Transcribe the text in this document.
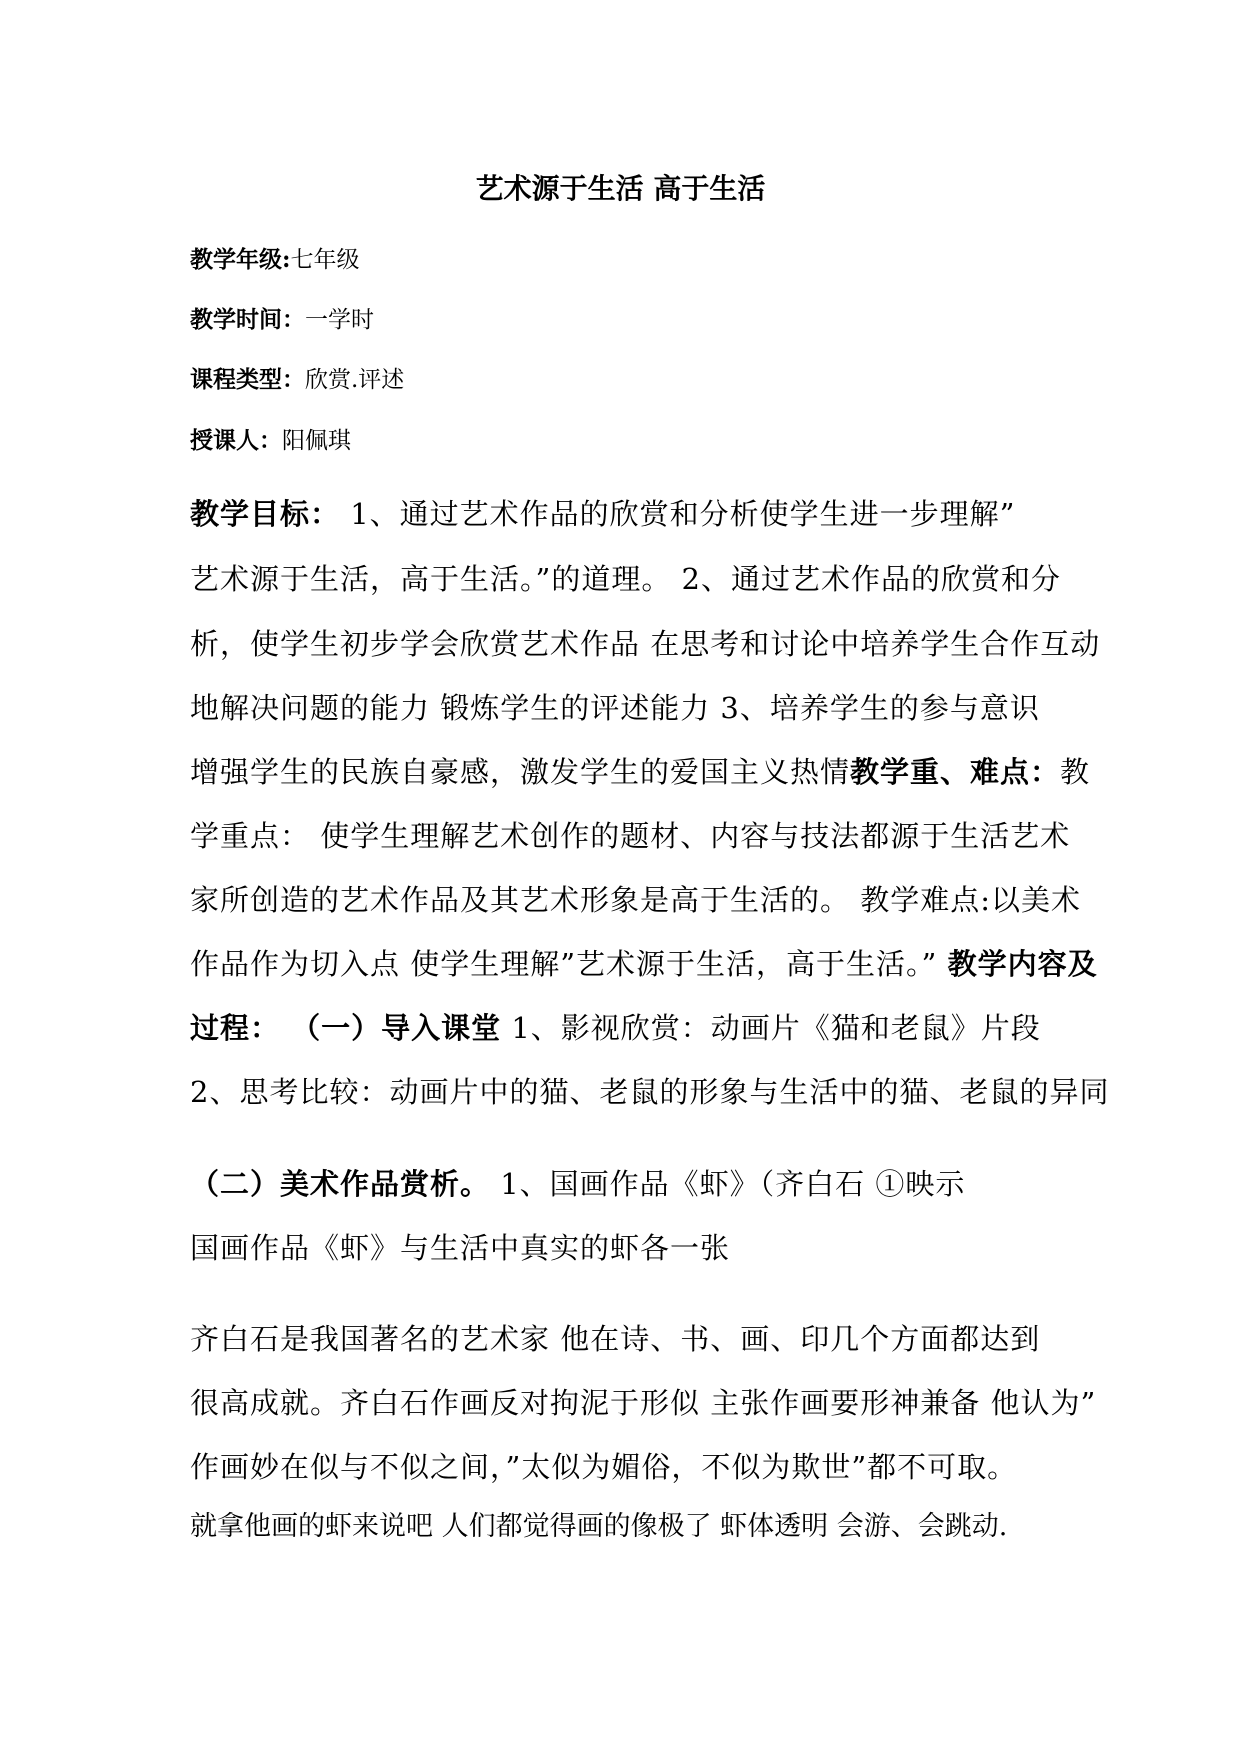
艺术源于生活 高于生活
教学年级:七年级
教学时间：一学时
课程类型：欣赏.评述
授课人：阳佩琪
教学目标： 1、通过艺术作品的欣赏和分析使学生进一步理解”
艺术源于生活，高于生活。”的道理。 2、通过艺术作品的欣赏和分
析，使学生初步学会欣赏艺术作品 在思考和讨论中培养学生合作互动
地解决问题的能力 锻炼学生的评述能力 3、培养学生的参与意识
增强学生的民族自豪感，激发学生的爱国主义热情教学重、难点：教
学重点： 使学生理解艺术创作的题材、内容与技法都源于生活艺术
家所创造的艺术作品及其艺术形象是高于生活的。 教学难点:以美术
作品作为切入点 使学生理解”艺术源于生活，高于生活。” 教学内容及
过程： （一）导入课堂 1、影视欣赏：动画片《猫和老鼠》片段
2、思考比较：动画片中的猫、老鼠的形象与生活中的猫、老鼠的异同
（二）美术作品赏析。 1、国画作品《虾》（齐白石 ①映示
国画作品《虾》与生活中真实的虾各一张
齐白石是我国著名的艺术家 他在诗、书、画、印几个方面都达到
很高成就。齐白石作画反对拘泥于形似 主张作画要形神兼备 他认为”
作画妙在似与不似之间，”太似为媚俗，不似为欺世”都不可取。
就拿他画的虾来说吧 人们都觉得画的像极了 虾体透明 会游、会跳动.
